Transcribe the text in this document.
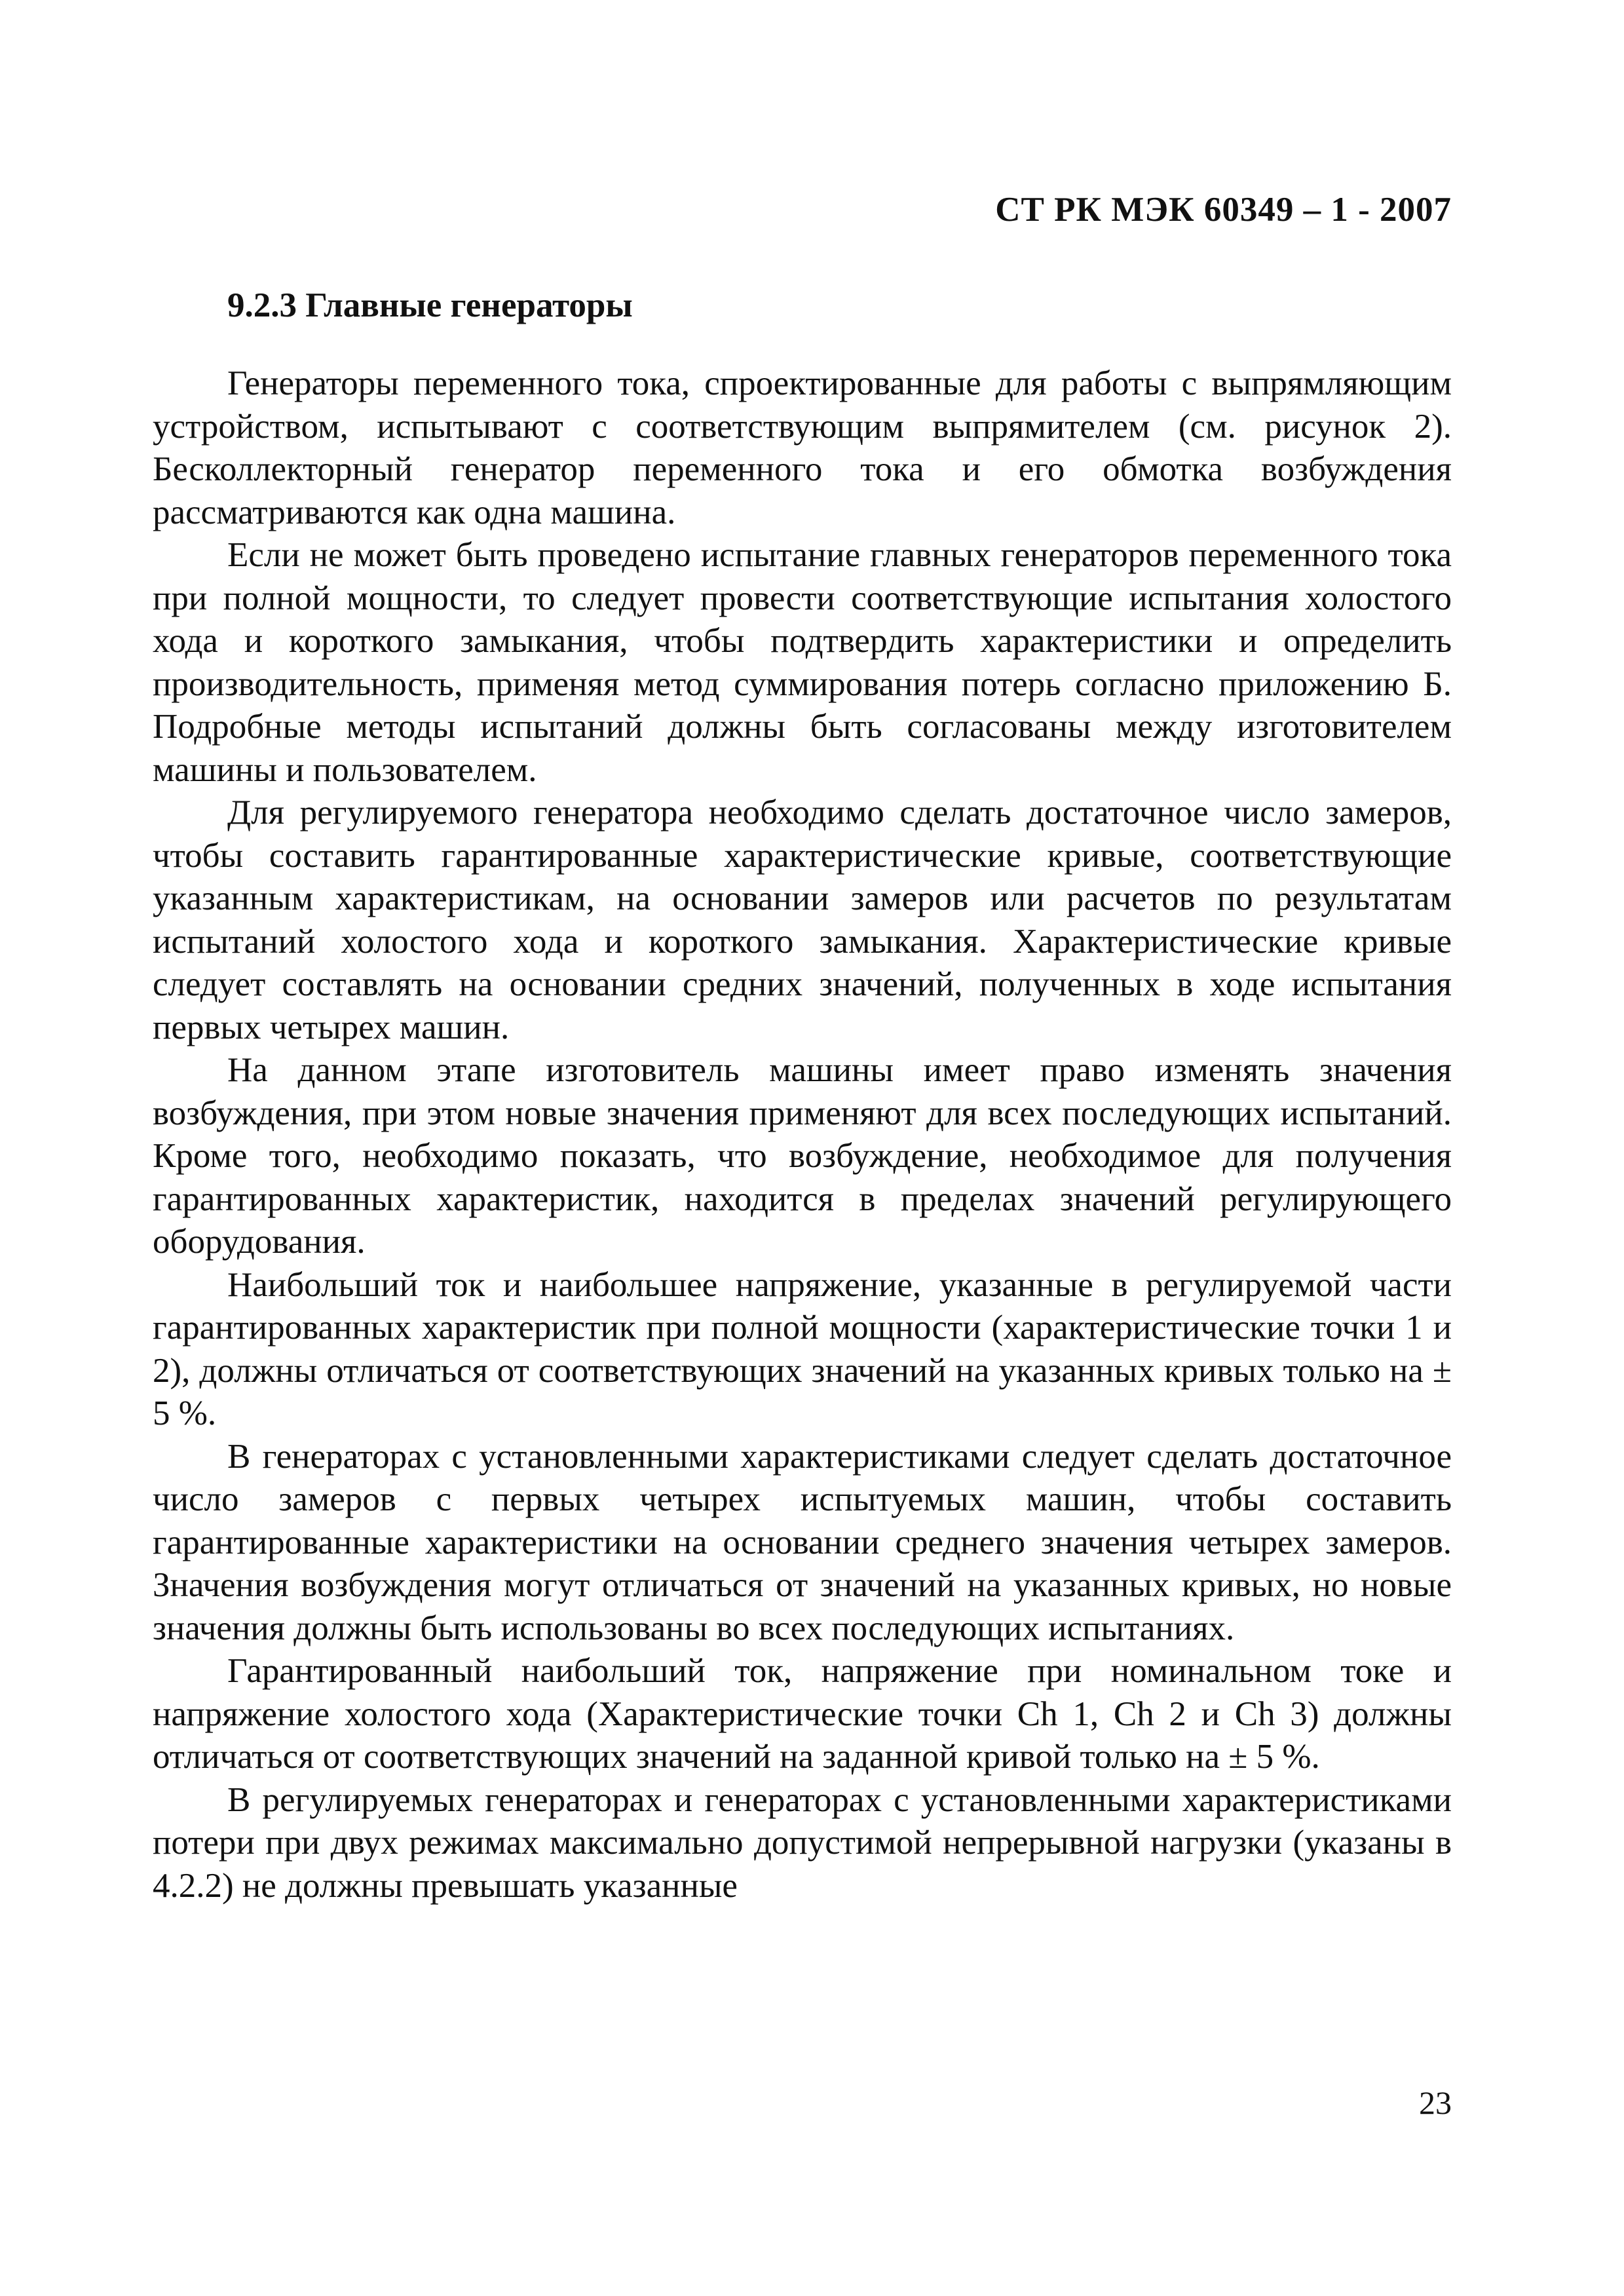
СТ РК МЭК 60349 – 1 - 2007
9.2.3 Главные генераторы

Генераторы переменного тока, спроектированные для работы с выпрямляющим устройством, испытывают с соответствующим выпрямителем (см. рисунок 2). Бесколлекторный генератор переменного тока и его обмотка возбуждения рассматриваются как одна машина.

Если не может быть проведено испытание главных генераторов переменного тока при полной мощности, то следует провести соответствующие испытания холостого хода и короткого замыкания, чтобы подтвердить характеристики и определить производительность, применяя метод суммирования потерь согласно приложению Б. Подробные методы испытаний должны быть согласованы между изготовителем машины и пользователем.

Для регулируемого генератора необходимо сделать достаточное число замеров, чтобы составить гарантированные характеристические кривые, соответствующие указанным характеристикам, на основании замеров или расчетов по результатам испытаний холостого хода и короткого замыкания. Характеристические кривые следует составлять на основании средних значений, полученных в ходе испытания первых четырех машин.

На данном этапе изготовитель машины имеет право изменять значения возбуждения, при этом новые значения применяют для всех последующих испытаний. Кроме того, необходимо показать, что возбуждение, необходимое для получения гарантированных характеристик, находится в пределах значений регулирующего оборудования.

Наибольший ток и наибольшее напряжение, указанные в регулируемой части гарантированных характеристик при полной мощности (характеристические точки 1 и 2), должны отличаться от соответствующих значений на указанных кривых только на ± 5 %.

В генераторах с установленными характеристиками следует сделать достаточное число замеров с первых четырех испытуемых машин, чтобы составить гарантированные характеристики на основании среднего значения четырех замеров. Значения возбуждения могут отличаться от значений на указанных кривых, но новые значения должны быть использованы во всех последующих испытаниях.

Гарантированный наибольший ток, напряжение при номинальном токе и напряжение холостого хода (Характеристические точки Ch 1, Ch 2 и Ch 3) должны отличаться от соответствующих значений на заданной кривой только на ± 5 %.

В регулируемых генераторах и генераторах с установленными характеристиками потери при двух режимах максимально допустимой непрерывной нагрузки (указаны в 4.2.2) не должны превышать указанные

23
